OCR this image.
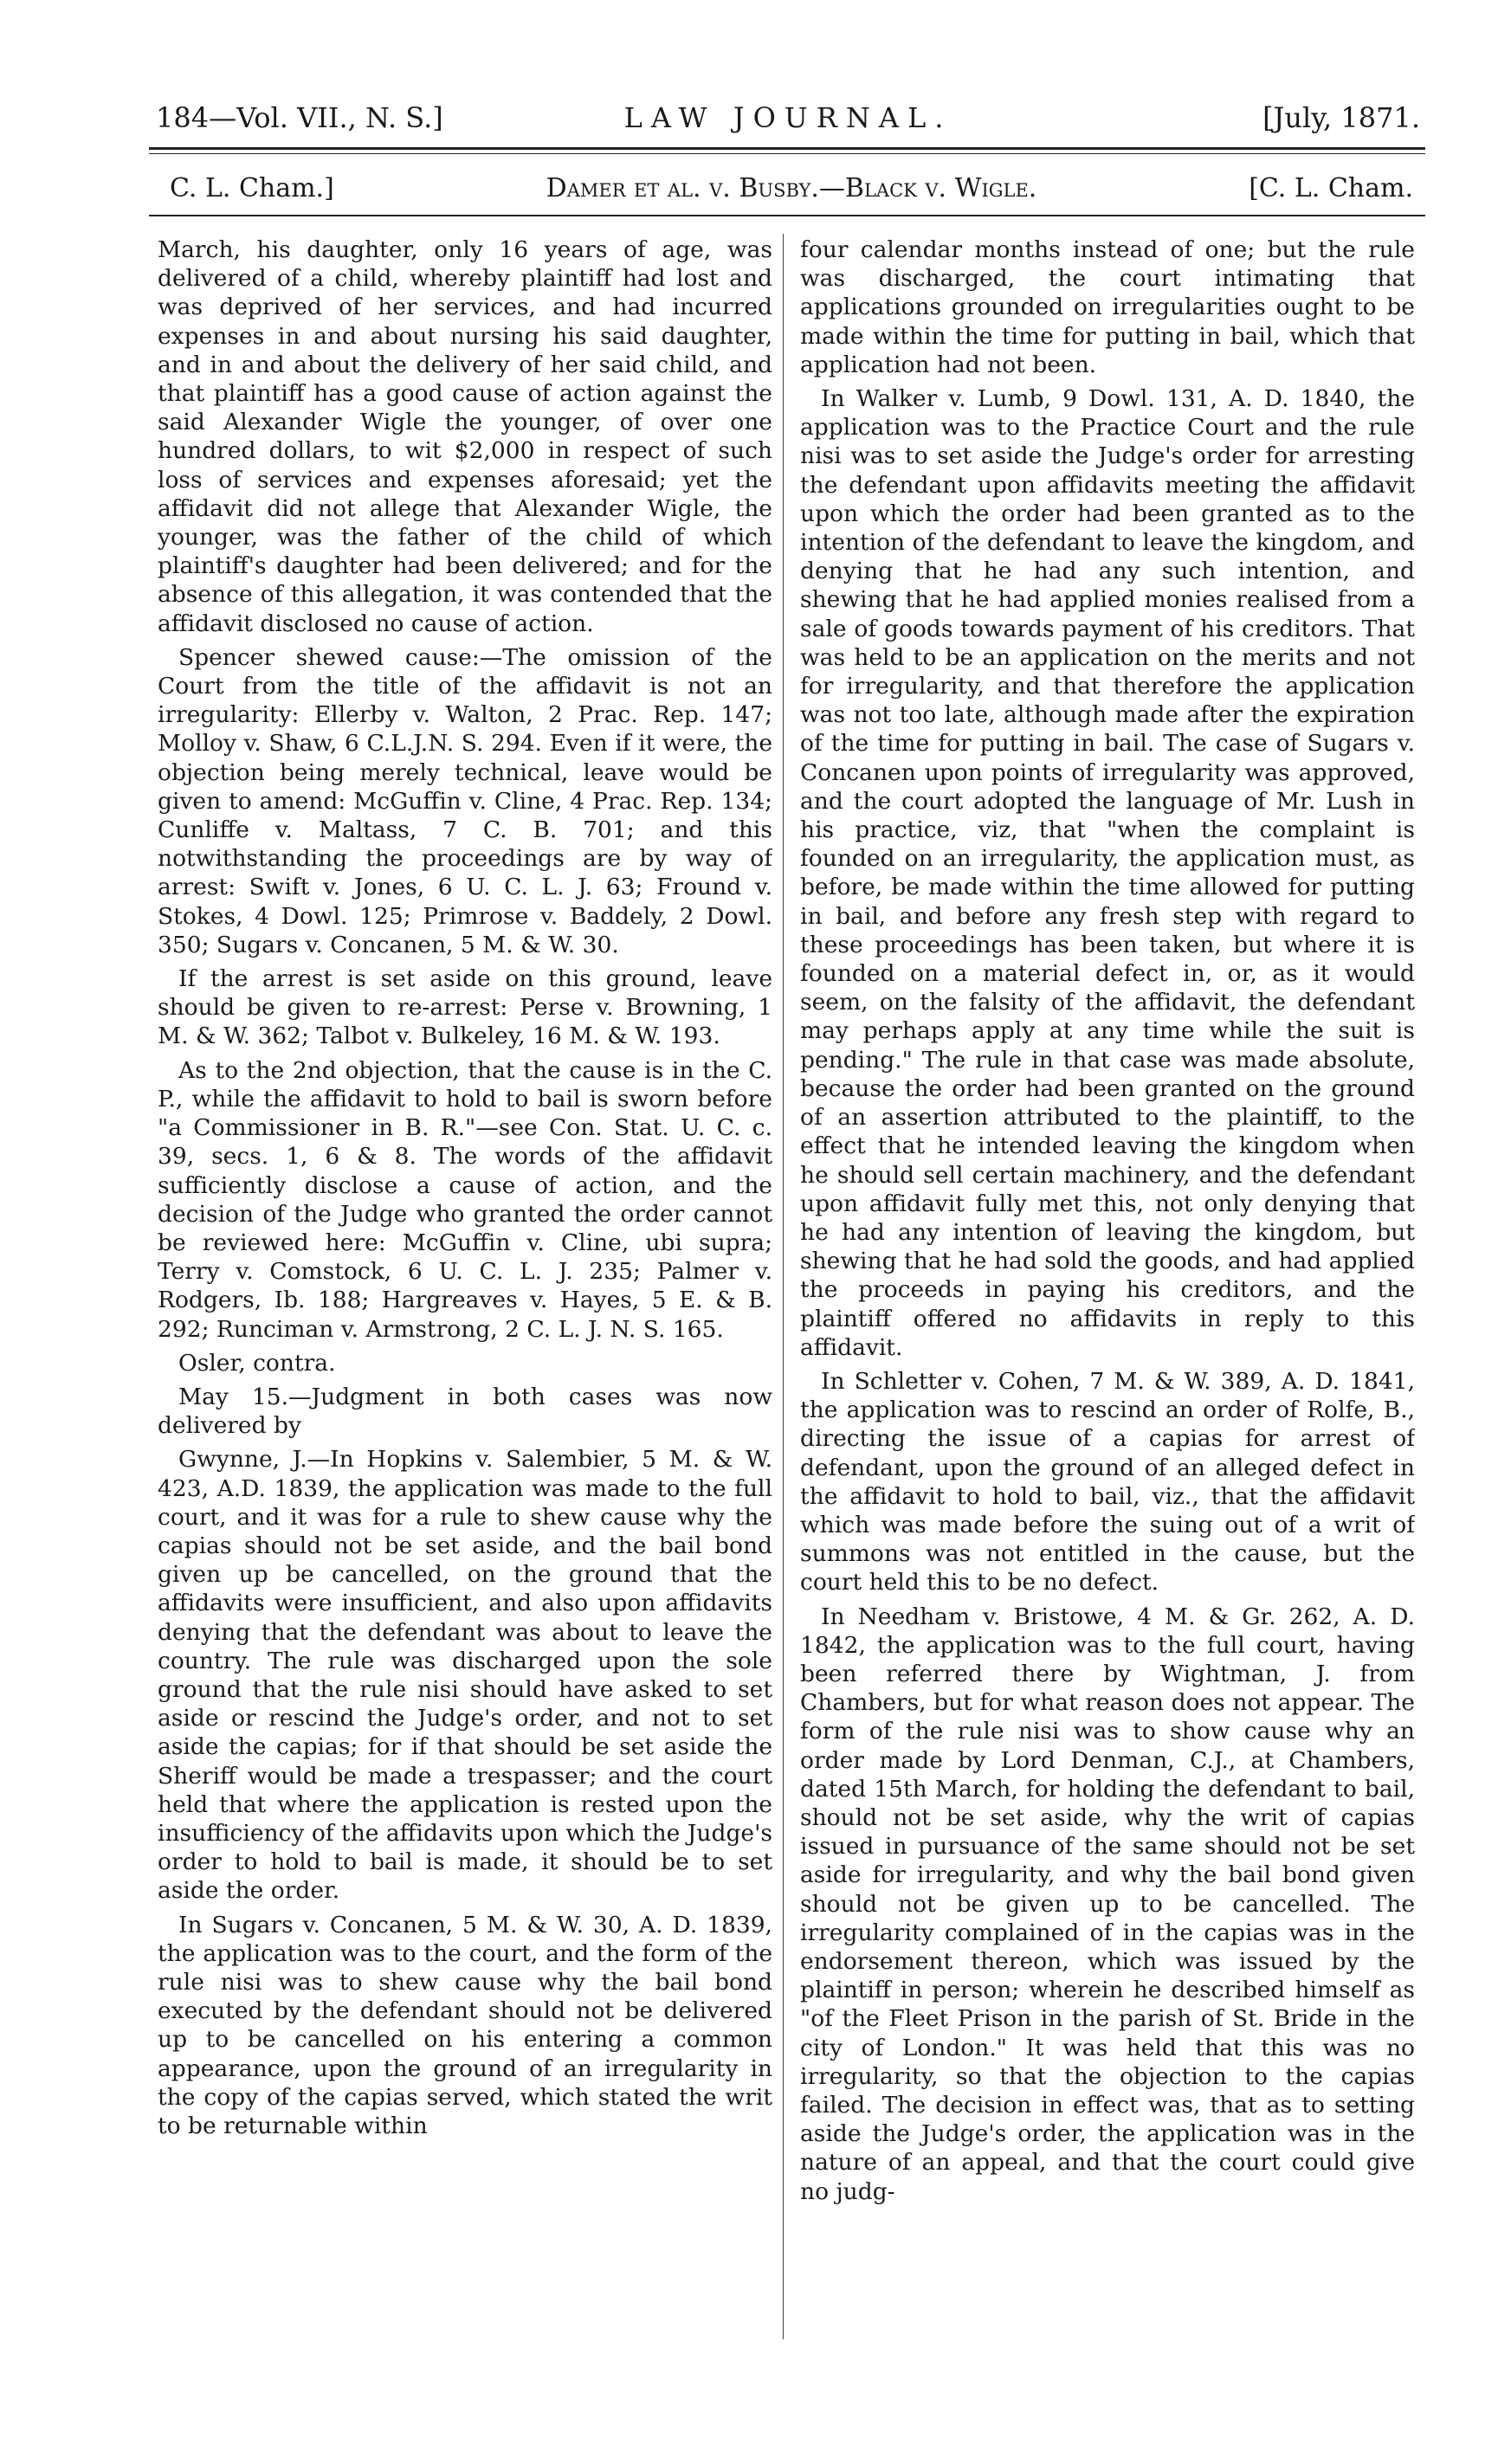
184—Vol. VII., N. S.]	LAW JOURNAL.	[July, 1871.
C. L. Cham.]	Damer et al. v. Busby.—Black v. Wigle.	[C. L. Cham.

March, his daughter, only 16 years of age, was delivered of a child, whereby plaintiff had lost and was deprived of her services, and had incurred expenses in and about nursing his said daughter, and in and about the delivery of her said child, and that plaintiff has a good cause of action against the said Alexander Wigle the younger, of over one hundred dollars, to wit $2,000 in respect of such loss of services and expenses aforesaid; yet the affidavit did not allege that Alexander Wigle, the younger, was the father of the child of which plaintiff's daughter had been delivered; and for the absence of this allegation, it was contended that the affidavit disclosed no cause of action.

Spencer shewed cause:—The omission of the Court from the title of the affidavit is not an irregularity: Ellerby v. Walton, 2 Prac. Rep. 147; Molloy v. Shaw, 6 C.L.J.N. S. 294. Even if it were, the objection being merely technical, leave would be given to amend: McGuffin v. Cline, 4 Prac. Rep. 134; Cunliffe v. Maltass, 7 C. B. 701; and this notwithstanding the proceedings are by way of arrest: Swift v. Jones, 6 U. C. L. J. 63; Fround v. Stokes, 4 Dowl. 125; Primrose v. Baddely, 2 Dowl. 350; Sugars v. Concanen, 5 M. & W. 30.

If the arrest is set aside on this ground, leave should be given to re-arrest: Perse v. Browning, 1 M. & W. 362; Talbot v. Bulkeley, 16 M. & W. 193.

As to the 2nd objection, that the cause is in the C. P., while the affidavit to hold to bail is sworn before "a Commissioner in B. R."—see Con. Stat. U. C. c. 39, secs. 1, 6 & 8. The words of the affidavit sufficiently disclose a cause of action, and the decision of the Judge who granted the order cannot be reviewed here: McGuffin v. Cline, ubi supra; Terry v. Comstock, 6 U. C. L. J. 235; Palmer v. Rodgers, Ib. 188; Hargreaves v. Hayes, 5 E. & B. 292; Runciman v. Armstrong, 2 C. L. J. N. S. 165.

Osler, contra.

May 15.—Judgment in both cases was now delivered by

Gwynne, J.—In Hopkins v. Salembier, 5 M. & W. 423, A.D. 1839, the application was made to the full court, and it was for a rule to shew cause why the capias should not be set aside, and the bail bond given up be cancelled, on the ground that the affidavits were insufficient, and also upon affidavits denying that the defendant was about to leave the country. The rule was discharged upon the sole ground that the rule nisi should have asked to set aside or rescind the Judge's order, and not to set aside the capias; for if that should be set aside the Sheriff would be made a trespasser; and the court held that where the application is rested upon the insufficiency of the affidavits upon which the Judge's order to hold to bail is made, it should be to set aside the order.

In Sugars v. Concanen, 5 M. & W. 30, A. D. 1839, the application was to the court, and the form of the rule nisi was to shew cause why the bail bond executed by the defendant should not be delivered up to be cancelled on his entering a common appearance, upon the ground of an irregularity in the copy of the capias served, which stated the writ to be returnable within

four calendar months instead of one; but the rule was discharged, the court intimating that applications grounded on irregularities ought to be made within the time for putting in bail, which that application had not been.

In Walker v. Lumb, 9 Dowl. 131, A. D. 1840, the application was to the Practice Court and the rule nisi was to set aside the Judge's order for arresting the defendant upon affidavits meeting the affidavit upon which the order had been granted as to the intention of the defendant to leave the kingdom, and denying that he had any such intention, and shewing that he had applied monies realised from a sale of goods towards payment of his creditors. That was held to be an application on the merits and not for irregularity, and that therefore the application was not too late, although made after the expiration of the time for putting in bail. The case of Sugars v. Concanen upon points of irregularity was approved, and the court adopted the language of Mr. Lush in his practice, viz, that "when the complaint is founded on an irregularity, the application must, as before, be made within the time allowed for putting in bail, and before any fresh step with regard to these proceedings has been taken, but where it is founded on a material defect in, or, as it would seem, on the falsity of the affidavit, the defendant may perhaps apply at any time while the suit is pending." The rule in that case was made absolute, because the order had been granted on the ground of an assertion attributed to the plaintiff, to the effect that he intended leaving the kingdom when he should sell certain machinery, and the defendant upon affidavit fully met this, not only denying that he had any intention of leaving the kingdom, but shewing that he had sold the goods, and had applied the proceeds in paying his creditors, and the plaintiff offered no affidavits in reply to this affidavit.

In Schletter v. Cohen, 7 M. & W. 389, A. D. 1841, the application was to rescind an order of Rolfe, B., directing the issue of a capias for arrest of defendant, upon the ground of an alleged defect in the affidavit to hold to bail, viz., that the affidavit which was made before the suing out of a writ of summons was not entitled in the cause, but the court held this to be no defect.

In Needham v. Bristowe, 4 M. & Gr. 262, A. D. 1842, the application was to the full court, having been referred there by Wightman, J. from Chambers, but for what reason does not appear. The form of the rule nisi was to show cause why an order made by Lord Denman, C.J., at Chambers, dated 15th March, for holding the defendant to bail, should not be set aside, why the writ of capias issued in pursuance of the same should not be set aside for irregularity, and why the bail bond given should not be given up to be cancelled. The irregularity complained of in the capias was in the endorsement thereon, which was issued by the plaintiff in person; wherein he described himself as "of the Fleet Prison in the parish of St. Bride in the city of London." It was held that this was no irregularity, so that the objection to the capias failed. The decision in effect was, that as to setting aside the Judge's order, the application was in the nature of an appeal, and that the court could give no judg-
